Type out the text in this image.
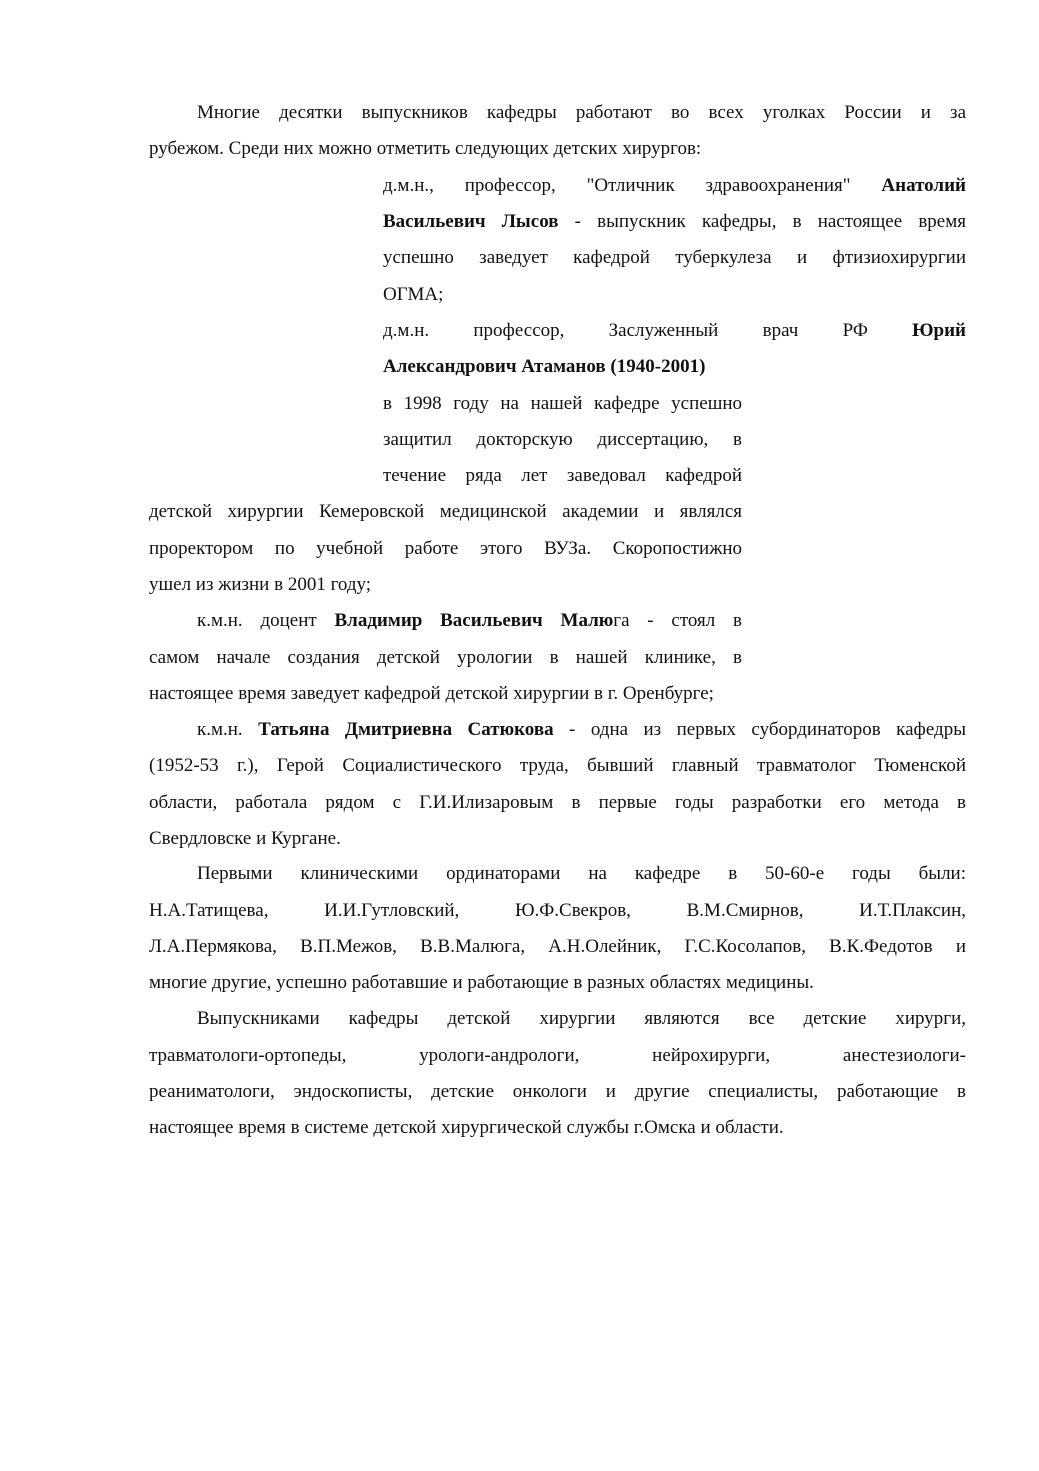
Многие десятки выпускников кафедры работают во всех уголках России и за
рубежом. Среди них можно отметить следующих детских хирургов:
д.м.н., профессор, "Отличник здравоохранения" Анатолий
Васильевич Лысов - выпускник кафедры, в настоящее время
успешно заведует кафедрой туберкулеза и фтизиохирургии
ОГМА;
д.м.н. профессор, Заслуженный врач РФ Юрий
Александрович Атаманов (1940-2001)
в 1998 году на нашей кафедре успешно
защитил докторскую диссертацию, в
течение ряда лет заведовал кафедрой
детской хирургии Кемеровской медицинской академии и являлся
проректором по учебной работе этого ВУЗа. Скоропостижно
ушел из жизни в 2001 году;
к.м.н. доцент Владимир Васильевич Малюга - стоял в
самом начале создания детской урологии в нашей клинике, в
настоящее время заведует кафедрой детской хирургии в г. Оренбурге;
к.м.н. Татьяна Дмитриевна Сатюкова - одна из первых субординаторов кафедры
(1952-53 г.), Герой Социалистического труда, бывший главный травматолог Тюменской
области, работала рядом с Г.И.Илизаровым в первые годы разработки его метода в
Свердловске и Кургане.
Первыми клиническими ординаторами на кафедре в 50-60-е годы были:
Н.А.Татищева, И.И.Гутловский, Ю.Ф.Свекров, В.М.Смирнов, И.Т.Плаксин,
Л.А.Пермякова, В.П.Межов, В.В.Малюга, А.Н.Олейник, Г.С.Косолапов, В.К.Федотов и
многие другие, успешно работавшие и работающие в разных областях медицины.
Выпускниками кафедры детской хирургии являются все детские хирурги,
травматологи-ортопеды, урологи-андрологи, нейрохирурги, анестезиологи-
реаниматологи, эндоскописты, детские онкологи и другие специалисты, работающие в
настоящее время в системе детской хирургической службы г.Омска и области.
